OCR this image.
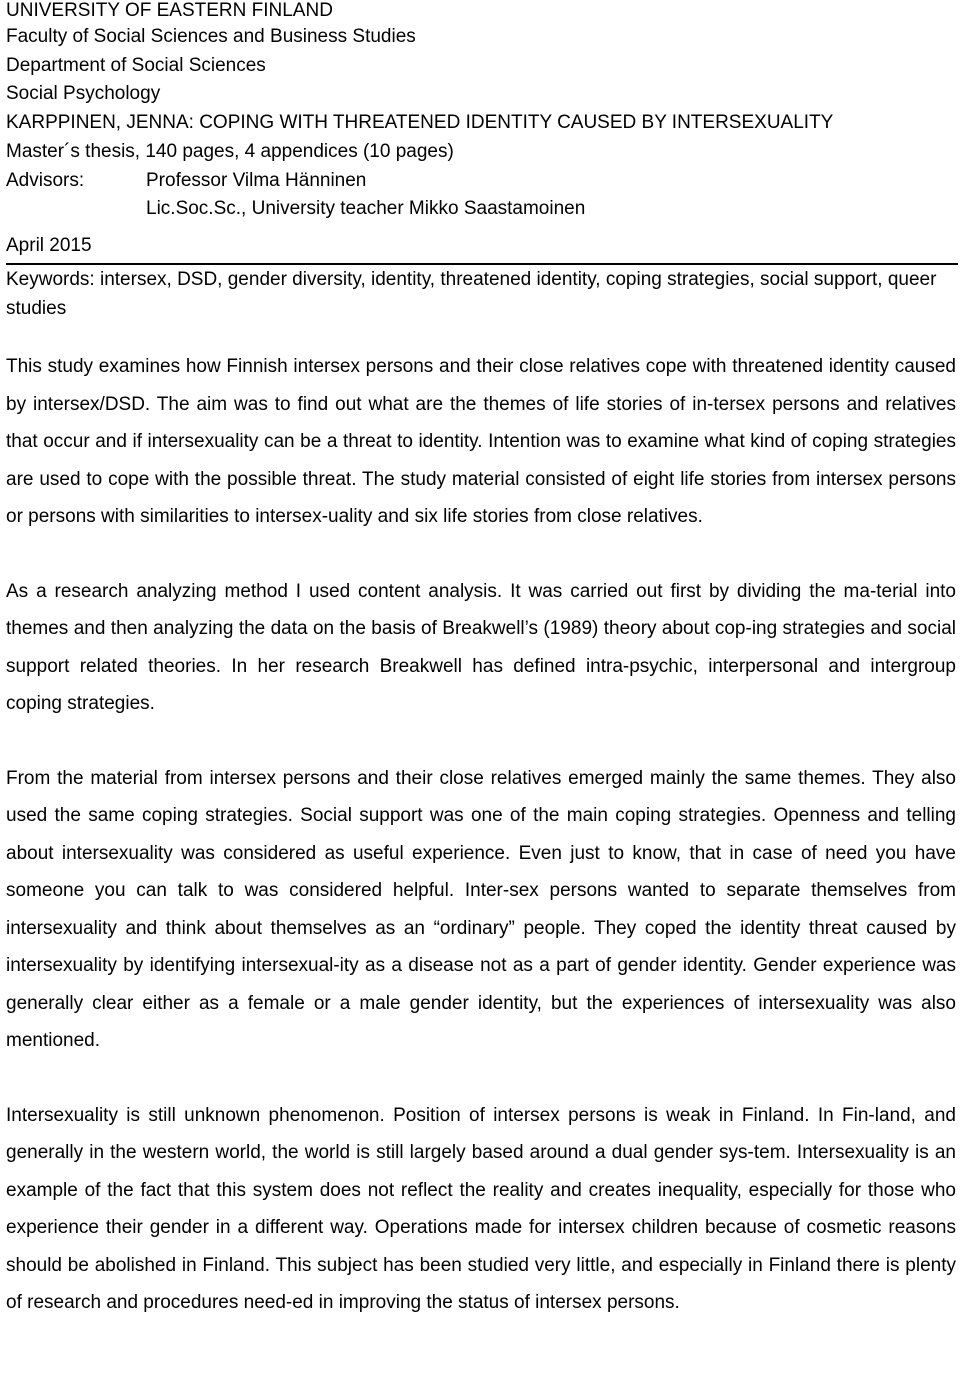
UNIVERSITY OF EASTERN FINLAND
Faculty of Social Sciences and Business Studies
Department of Social Sciences
Social Psychology
KARPPINEN, JENNA: COPING WITH THREATENED IDENTITY CAUSED BY INTERSEXUALITY
Master´s thesis, 140 pages, 4 appendices (10 pages)
Advisors:	Professor Vilma Hänninen
Lic.Soc.Sc., University teacher Mikko Saastamoinen
April 2015
Keywords: intersex, DSD, gender diversity, identity, threatened identity, coping strategies, social support, queer studies

This study examines how Finnish intersex persons and their close relatives cope with threatened identity caused by intersex/DSD. The aim was to find out what are the themes of life stories of in-tersex persons and relatives that occur and if intersexuality can be a threat to identity. Intention was to examine what kind of coping strategies are used to cope with the possible threat. The study material consisted of eight life stories from intersex persons or persons with similarities to intersex-uality and six life stories from close relatives.

As a research analyzing method I used content analysis. It was carried out first by dividing the ma-terial into themes and then analyzing the data on the basis of Breakwell’s (1989) theory about cop-ing strategies and social support related theories. In her research Breakwell has defined intra-psychic, interpersonal and intergroup coping strategies.

From the material from intersex persons and their close relatives emerged mainly the same themes. They also used the same coping strategies. Social support was one of the main coping strategies. Openness and telling about intersexuality was considered as useful experience. Even just to know, that in case of need you have someone you can talk to was considered helpful. Inter-sex persons wanted to separate themselves from intersexuality and think about themselves as an “ordinary” people. They coped the identity threat caused by intersexuality by identifying intersexual-ity as a disease not as a part of gender identity. Gender experience was generally clear either as a female or a male gender identity, but the experiences of intersexuality was also mentioned.

Intersexuality is still unknown phenomenon. Position of intersex persons is weak in Finland. In Fin-land, and generally in the western world, the world is still largely based around a dual gender sys-tem. Intersexuality is an example of the fact that this system does not reflect the reality and creates inequality, especially for those who experience their gender in a different way. Operations made for intersex children because of cosmetic reasons should be abolished in Finland. This subject has been studied very little, and especially in Finland there is plenty of research and procedures need-ed in improving the status of intersex persons.
